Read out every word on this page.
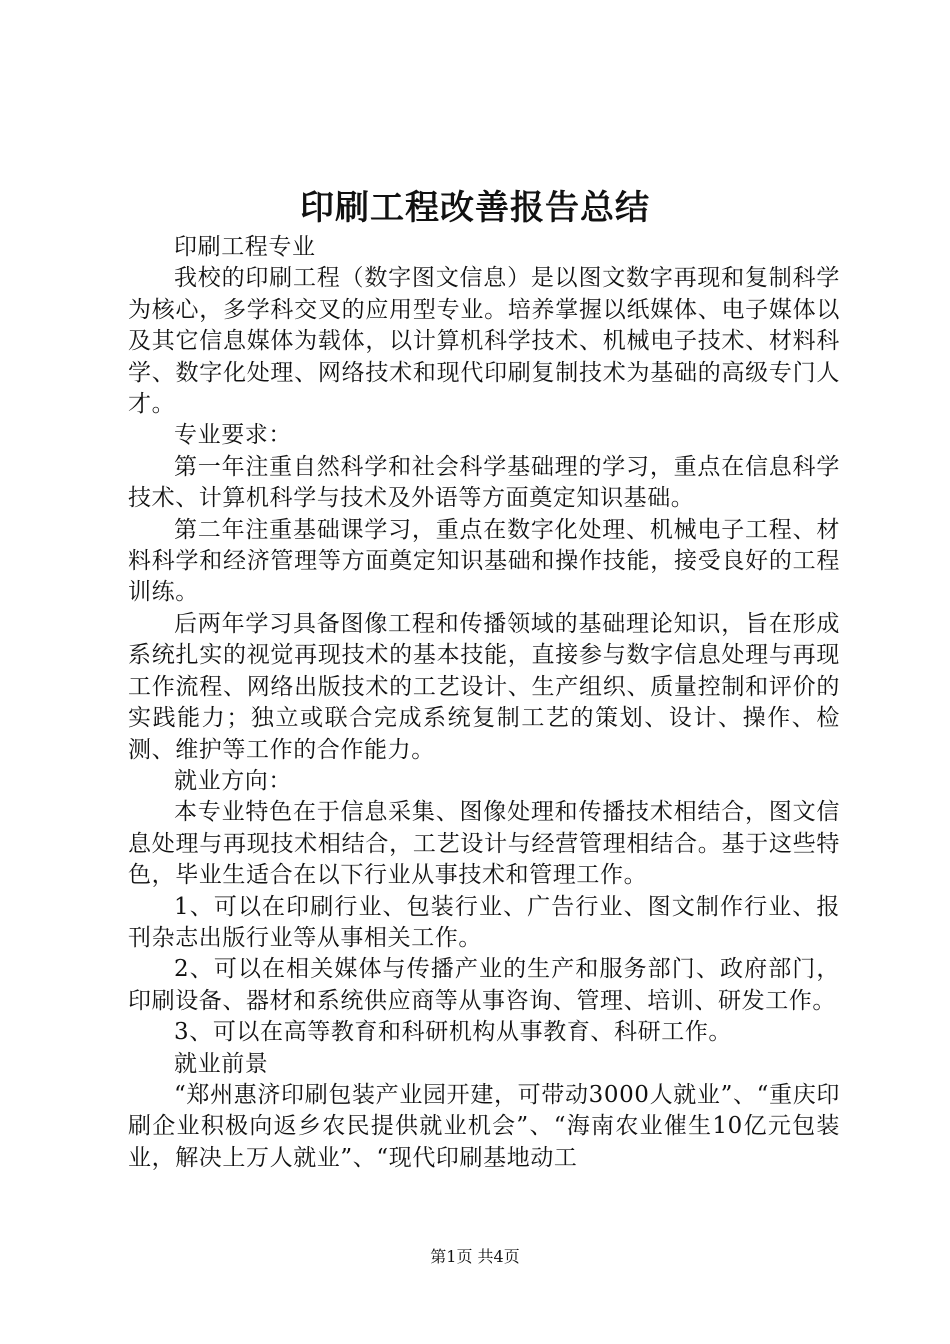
印刷工程改善报告总结

印刷工程专业

我校的印刷工程（数字图文信息）是以图文数字再现和复制科学为核心，多学科交叉的应用型专业。培养掌握以纸媒体、电子媒体以及其它信息媒体为载体，以计算机科学技术、机械电子技术、材料科学、数字化处理、网络技术和现代印刷复制技术为基础的高级专门人才。

专业要求：

第一年注重自然科学和社会科学基础理的学习，重点在信息科学技术、计算机科学与技术及外语等方面奠定知识基础。

第二年注重基础课学习，重点在数字化处理、机械电子工程、材料科学和经济管理等方面奠定知识基础和操作技能，接受良好的工程训练。

后两年学习具备图像工程和传播领域的基础理论知识，旨在形成系统扎实的视觉再现技术的基本技能，直接参与数字信息处理与再现工作流程、网络出版技术的工艺设计、生产组织、质量控制和评价的实践能力；独立或联合完成系统复制工艺的策划、设计、操作、检测、维护等工作的合作能力。

就业方向：

本专业特色在于信息采集、图像处理和传播技术相结合，图文信息处理与再现技术相结合，工艺设计与经营管理相结合。基于这些特色，毕业生适合在以下行业从事技术和管理工作。

1、可以在印刷行业、包装行业、广告行业、图文制作行业、报刊杂志出版行业等从事相关工作。

2、可以在相关媒体与传播产业的生产和服务部门、政府部门，印刷设备、器材和系统供应商等从事咨询、管理、培训、研发工作。

3、可以在高等教育和科研机构从事教育、科研工作。

就业前景

“郑州惠济印刷包装产业园开建，可带动3000人就业”、“重庆印刷企业积极向返乡农民提供就业机会”、“海南农业催生10亿元包装业，解决上万人就业”、“现代印刷基地动工

第1页 共4页
